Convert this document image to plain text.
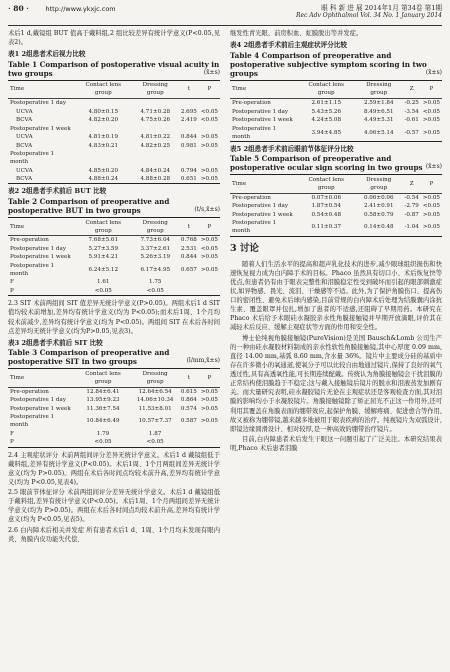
· 80 ·	http://www.ykxjc.com	眼 科 新 进 展 2014年1月 第34卷 第1期
Rec Adv Ophthalmol Vol. 34 No. 1 January 2014

术后1 d,戴镜组 BUT 值高于戴料组,2 组比较差异有统计学意义(P<0.05,见表2)。

表1 2组患者术后视力比较
Table 1 Comparison of postoperative visual acuity in two groups	(x̄±s)
Time	Contact lens group	Dressing group	t	P
Postoperative 1 day				
UCVA	4.80±0.15	4.71±0.28	2.695	<0.05
BCVA	4.82±0.20	4.75±0.26	2.419	<0.05
Postoperative 1 week				
UCVA	4.81±0.19	4.81±0.22	0.844	>0.05
BCVA	4.83±0.21	4.82±0.25	0.981	>0.05
Postoperative 1 month				
UCVA	4.85±0.20	4.84±0.24	0.794	>0.05
BCVA	4.88±0.24	4.88±0.28	0.651	>0.05
表2 2组患者手术前后 BUT 比较
Table 2 Comparison of preoperative and postoperative BUT in two groups	(t/s,x̄±s)
Time	Contact lens group	Dressing group	t	P
Pre-operation	7.68±5.61	7.73±6.04	0.768	>0.05
Postoperative 1 day	5.27±3.59	3.37±2.61	2.531	<0.05
Postoperative 1 week	5.91±4.21	5.26±3.19	0.844	>0.05
Postoperative 1 month	6.24±5.12	6.17±4.95	0.657	>0.05
F	1.61	1.75		
P	<0.05	<0.05		

2.3 SIT 术前两组间 SIT 值差异无统计学意义(P>0.05)。两组术后1 d SIT 值均较术前增加,差异均有统计学意义(均为 P<0.05);而术后1周、1个月均较术前减少,差异均有统计学意义(均为 P<0.05)。两组间 SIT 在术后各时间点差异均无统计学意义(均为P>0.05,见表3)。

表3 2组患者手术前后 SIT 比较
Table 3 Comparison of preoperative and postoperative SIT in two groups	(l/mm,x̄±s)
Time	Contact lens group	Dressing group	t	P
Pre-operation	12.84±6.41	12.64±6.54	0.615	>0.05
Postoperative 1 day	13.95±9.23	14.06±10.34	0.864	>0.05
Postoperative 1 week	11.36±7.54	11.53±8.01	0.574	>0.05
Postoperative 1 month	10.84±6.49	10.57±7.37	0.587	>0.05
F	1.79	1.87		
P	<0.05	<0.05		

2.4 主观症状评分 术前两组间评分差异无统计学意义。术后1 d 戴镜组低于戴料组,差异有统计学意义(P<0.05)。术后1周、1个月两组间差异无统计学意义(均为 P>0.05)。两组在术后各时间点均较术前升高,差异均有统计学意义(均为 P<0.05,见表4)。

2.5 眼前节体征评分 术前两组间评分差异无统计学意义。术后1 d 戴镜组低于戴料组,差异有统计学意义(P<0.05)。术后1周、1个月两组间差异无统计学意义(均为 P>0.05)。两组在术后各时间点均较术前升高,差异均有统计学意义(均为 P<0.05,见表5)。

2.6 白内障术后相关并发症 所有患者术后1 d、1周、1个月均未发现有眼内炎、角膜内皮功能失代偿、

继发性青光眼、前房积血、虹膜脱出等并发症。

表4 2组患者手术前后主观症状评分比较
Table 4 Comparison of preoperative and postoperative subjective symptom scoring in two groups	(x̄±s)
Time	Contact lens group	Dressing group	Z	P
Pre-operation	2.61±1.15	2.59±1.84	-0.25	>0.05
Postoperative 1 day	5.43±5.26	8.49±6.51	-3.54	<0.05
Postoperative 1 week	4.24±5.08	4.49±5.31	-0.61	>0.05
Postoperative 1 month	3.94±4.85	4.06±5.14	-0.57	>0.05
表5 2组患者手术前后眼前节体征评分比较
Table 5 Comparison of preoperative and postoperative ocular sign scoring in two groups (x̄±s)
Time	Contact lens group	Dressing group	Z	P
Pre-operation	0.07±0.06	0.06±0.06	-0.54	>0.05
Postoperative 1 day	1.87±0.54	2.41±0.91	-2.79	<0.05
Postoperative 1 week	0.54±0.48	0.58±0.79	-0.87	>0.05
Postoperative 1 month	0.11±0.37	0.14±0.48	-1.04	>0.05
3 讨论

随着人们生活水平的提高和超声乳化技术的进步,减少眼球组织损伤和快速恢复视力成为白内障手术的目标。Phaco 虽然具有切口小、术后恢复快等优点,但患者仍有由于眼表完整性和泪膜稳定性受到破坏而引起的眼部刺激症状,如异物感、畏光、流泪、干燥感等不适。此外,为了保护角膜伤口、提高伤口的密闭性、避免术后球内感染,目前常规的白内障术后处理为结膜囊内涂抗生素、覆盖眼罩并包扎,增加了患者的不适感,还阻碍了早期用药。本研究在 Phaco 术后给予术眼硅水凝胶亲水性角膜接触镜并早期开放滴眼,评价其在减轻术后反应、缓解主观症状等方面的作用和安全性。

博士伦纯视角膜接触镜(PureVision)是美国 Bausch&Lomb 公司生产的一种由硅水凝胶材料制成的亲水性软性角膜接触镜,其中心厚度 0.09 mm,直径 14.00 mm,基弧 8.60 mm,含水量 36%。镜片中主要成分硅的基质中存在许多微小的氧通道,使氧分子可以比较自由地通过镜片,保持了良好的氧气透过性,具有高透氧性能,可长期连续配戴。传统认为角膜接触镜会干扰泪膜的正常结构使泪膜趋于不稳定;这与戴入接触镜后镜片的脱水和泪液蒸发加剧有关。而大量研究表明,硅水凝胶镜片无论在主观症状还是客观检查方面,其对泪膜的影响均小于水凝胶镜片。角膜接触镜除了矫正屈光不正这一作用外,还可利用其覆盖在角膜表面的绷带效应,起保护角膜、缓解疼痛、促进愈合等作用,故又被称为绷带镜,越来越多地被用于眼表疾病的治疗。纯视镜片为双弧设计,即镜边缘圆滑设计、相对较厚,是一种高效的绷带治疗镜片。

目前,白内障患者术后发生干眼这一问题引起了广泛关注。本研究结果表明,Phaco 术后患者泪膜
